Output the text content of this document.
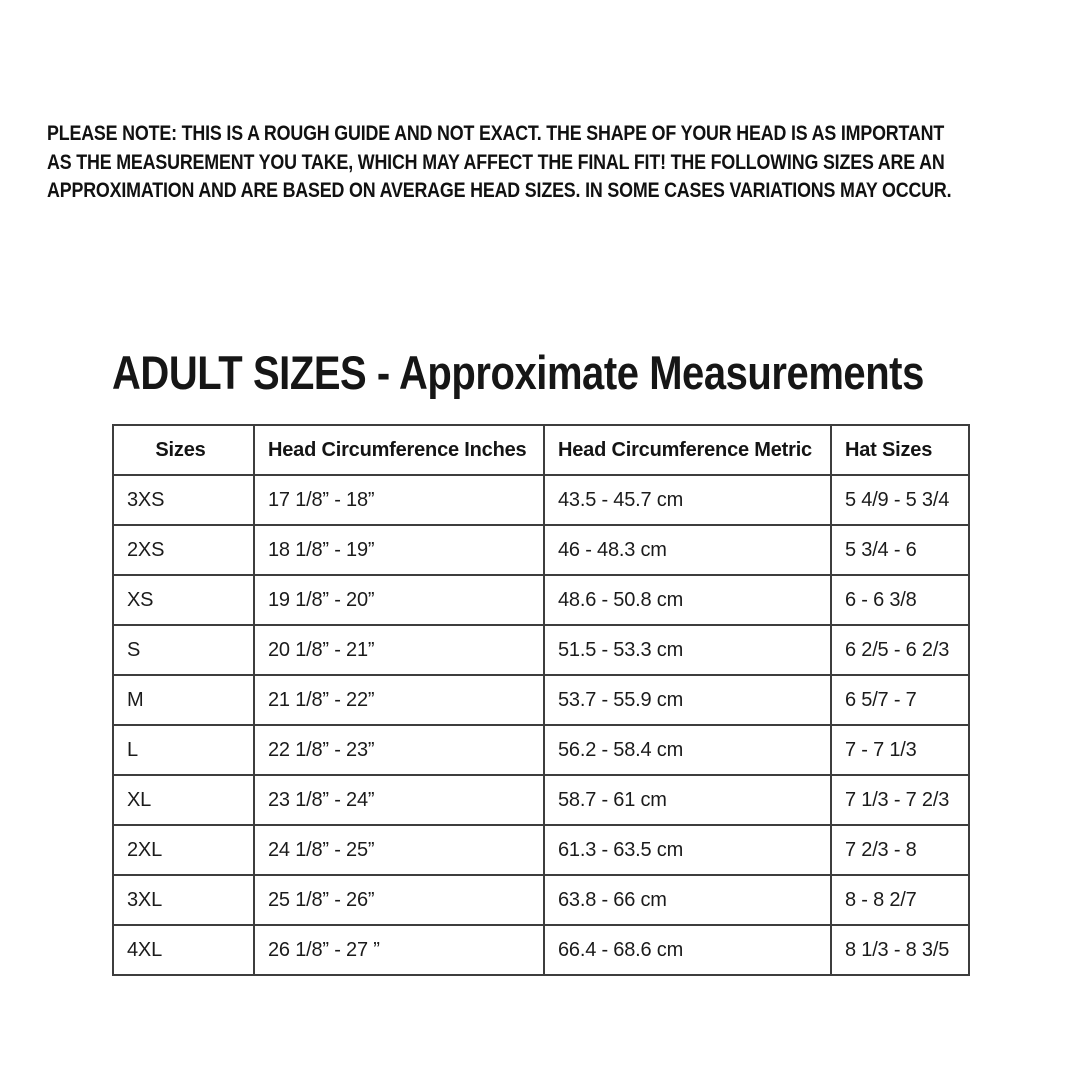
PLEASE NOTE: THIS IS A ROUGH GUIDE AND NOT EXACT. THE SHAPE OF YOUR HEAD IS AS IMPORTANT
AS THE MEASUREMENT YOU TAKE, WHICH MAY AFFECT THE FINAL FIT! THE FOLLOWING SIZES ARE AN
APPROXIMATION AND ARE BASED ON AVERAGE HEAD SIZES. IN SOME CASES VARIATIONS MAY OCCUR.
ADULT SIZES - Approximate Measurements
Sizes	Head Circumference Inches	Head Circumference Metric	Hat Sizes
3XS	17 1/8” - 18”	43.5 - 45.7 cm	5 4/9 - 5 3/4
2XS	18 1/8” - 19”	46 - 48.3 cm	5 3/4 - 6
XS	19 1/8” - 20”	48.6 - 50.8 cm	6 - 6 3/8
S	20 1/8” - 21”	51.5 - 53.3 cm	6 2/5 - 6 2/3
M	21 1/8” - 22”	53.7 - 55.9 cm	6 5/7 - 7
L	22 1/8” - 23”	56.2 - 58.4 cm	7 - 7 1/3
XL	23 1/8” - 24”	58.7 - 61 cm	7 1/3 - 7 2/3
2XL	24 1/8” - 25”	61.3 - 63.5 cm	7 2/3 - 8
3XL	25 1/8” - 26”	63.8 - 66 cm	8 - 8 2/7
4XL	26 1/8” - 27 ”	66.4 - 68.6 cm	8 1/3 - 8 3/5
